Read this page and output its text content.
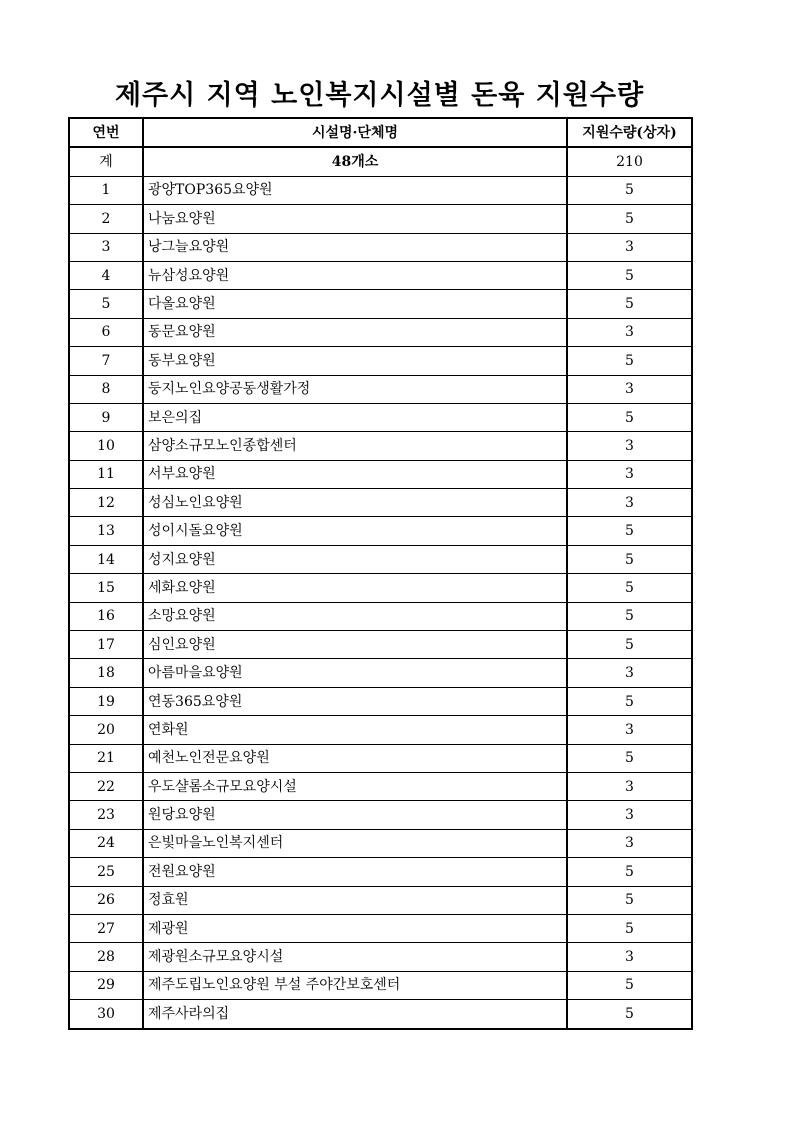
제주시 지역 노인복지시설별 돈육 지원수량
연번	시설명·단체명	지원수량(상자)
계	48개소	210
1	광양TOP365요양원	5
2	나눔요양원	5
3	낭그늘요양원	3
4	뉴삼성요양원	5
5	다올요양원	5
6	동문요양원	3
7	동부요양원	5
8	둥지노인요양공동생활가정	3
9	보은의집	5
10	삼양소규모노인종합센터	3
11	서부요양원	3
12	성심노인요양원	3
13	성이시돌요양원	5
14	성지요양원	5
15	세화요양원	5
16	소망요양원	5
17	심인요양원	5
18	아름마을요양원	3
19	연동365요양원	5
20	연화원	3
21	예천노인전문요양원	5
22	우도샬롬소규모요양시설	3
23	원당요양원	3
24	은빛마을노인복지센터	3
25	전원요양원	5
26	정효원	5
27	제광원	5
28	제광원소규모요양시설	3
29	제주도립노인요양원 부설 주야간보호센터	5
30	제주사라의집	5
